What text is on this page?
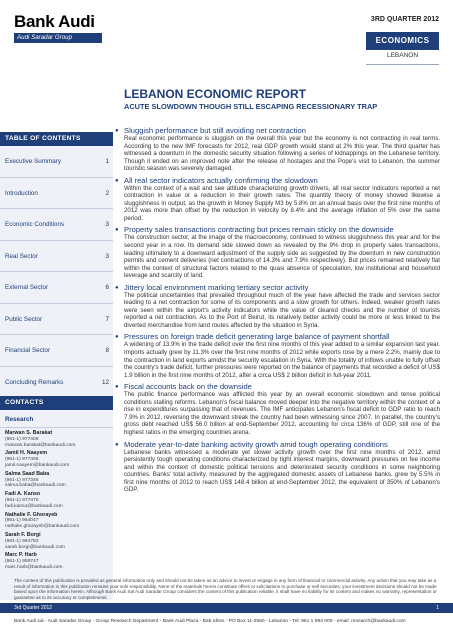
Bank Audi
Audi Saradar Group
3RD QUARTER 2012
ECONOMICS
LEBANON
LEBANON ECONOMIC REPORT
ACUTE SLOWDOWN THOUGH STILL ESCAPING RECESSIONARY TRAP
TABLE OF CONTENTS
Executive Summary	1
Introduction	2
Economic Conditions	3
Real Sector	3
External Sector	6
Public Sector	7
Financial Sector	8
Concluding Remarks	12
CONTACTS
Research
Marwan S. Barakat
(961-1) 977409
marwan.barakat@bankaudi.com
Jamil H. Naayem
(961-1) 977406
jamil.naayem@bankaudi.com
Salma Saad Baba
(961-1) 977346
salma.baba@bankaudi.com
Fadi A. Kanso
(961-1) 977470
fadi.kanso@bankaudi.com
Nathalie F. Ghorayeb
(961-1) 964047
nathalie.ghorayeb@bankaudi.com
Sarah F. Borgi
(961-1) 964783
sarah.borgi@bankaudi.com
Marc P. Harb
(961-1) 959747
marc.harb@bankaudi.com
● Sluggish performance but still avoiding net contraction
Real economic performance is sluggish on the overall this year but the economy is not contracting in real terms. According to the new IMF forecasts for 2012, real GDP growth would stand at 2% this year. The third quarter has witnessed a downturn in the domestic security situation following a series of kidnappings on the Lebanese territory. Though it ended on an improved note after the release of hostages and the Pope's visit to Lebanon, the summer touristic season was severely damaged.
● All real sector indicators actually confirming the slowdown
Within the context of a wait and see attitude characterizing growth drivers, all real sector indicators reported a net contraction in value or a reduction in their growth rates. The quantity theory of money showed likewise a sluggishness in output, as the growth in Money Supply M3 by 5.8% on an annual basis over the first nine months of 2012 was more than offset by the reduction in velocity by 8.4% and the average inflation of 5% over the same period.
● Property sales transactions contracting but prices remain sticky on the downside
The construction sector, at the image of the macroeconomy, continued to witness sluggishness this year and for the second year in a row. Its demand side slowed down as revealed by the 9% drop in property sales transactions, leading ultimately to a downward adjustment of the supply side as suggested by the downturn in new construction permits and cement deliveries (net contractions of 14.3% and 7.9% respectively). But prices remained relatively flat within the context of structural factors related to the quasi absence of speculation, low institutional and household leverage and scarcity of land.
● Jittery local environment marking tertiary sector activity
The political uncertainties that prevailed throughout much of the year have affected the trade and services sector leading to a net contraction for some of its components and a slow growth for others. Indeed, weaker growth rates were seen within the airport's activity indicators while the value of cleared checks and the number of tourists reported a net contraction. As to the Port of Beirut, its relatively better activity could be more or less linked to the diverted merchandise from land routes affected by the situation in Syria.
● Pressures on foreign trade deficit generating large balance of payment shortfall
A widening of 13.9% in the trade deficit over the first nine months of this year added to a similar expansion last year. Imports actually grew by 11.3% over the first nine months of 2012 while exports rose by a mere 2.2%, mainly due to the contraction in land exports amidst the security escalation in Syria. With the totality of inflows unable to fully offset the country's trade deficit, further pressures were reported on the balance of payments that recorded a deficit of US$ 1.9 billion in the first nine months of 2012, after a circa US$ 2 billion deficit in full-year 2011.
● Fiscal accounts back on the downside
The public finance performance was afflicted this year by an overall economic slowdown and tense political conditions stalling reforms. Lebanon's fiscal balance moved deeper into the negative territory within the context of a rise in expenditures surpassing that of revenues. The IMF anticipates Lebanon's fiscal deficit to GDP ratio to reach 7.9% in 2012, reversing the downward streak the country had been witnessing since 2007. In parallel, the country's gross debt reached US$ 56.0 billion at end-September 2012, accounting for circa 136% of GDP, still one of the highest ratios in the emerging countries arena.
● Moderate year-to-date banking activity growth amid tough operating conditions
Lebanese banks witnessed a moderate yet slower activity growth over the first nine months of 2012, amid persistently tough operating conditions characterized by tight interest margins, downward pressures on fee income and within the context of domestic political tensions and deteriorated security conditions in some neighboring countries. Banks' total activity, measured by the aggregated domestic assets of Lebanese banks, grew by 5.5% in first nine months of 2012 to reach US$ 148.4 billion at end-September 2012, the equivalent of 350% of Lebanon's GDP.
The content of this publication is provided as general information only and should not be taken as an advice to invest or engage in any form of financial or commercial activity. Any action that you may take as a result of information in this publication remains your sole responsibility. None of the materials herein constitute offers or solicitations to purchase or sell securities, your investment decisions should not be made based upon the information herein. Although Bank Audi Sal Audi Saradar Group considers the content of this publication reliable, it shall have no liability for its content and makes no warranty, representation or guarantee as to its accuracy or completeness.
3rd Quarter 2012	1
Bank Audi sal - Audi Saradar Group - Group Research Department - Bank Audi Plaza - Bab Idriss - PO Box 11-2560 - Lebanon - Tel: 961 1 994 000 - email: research@bankaudi.com
